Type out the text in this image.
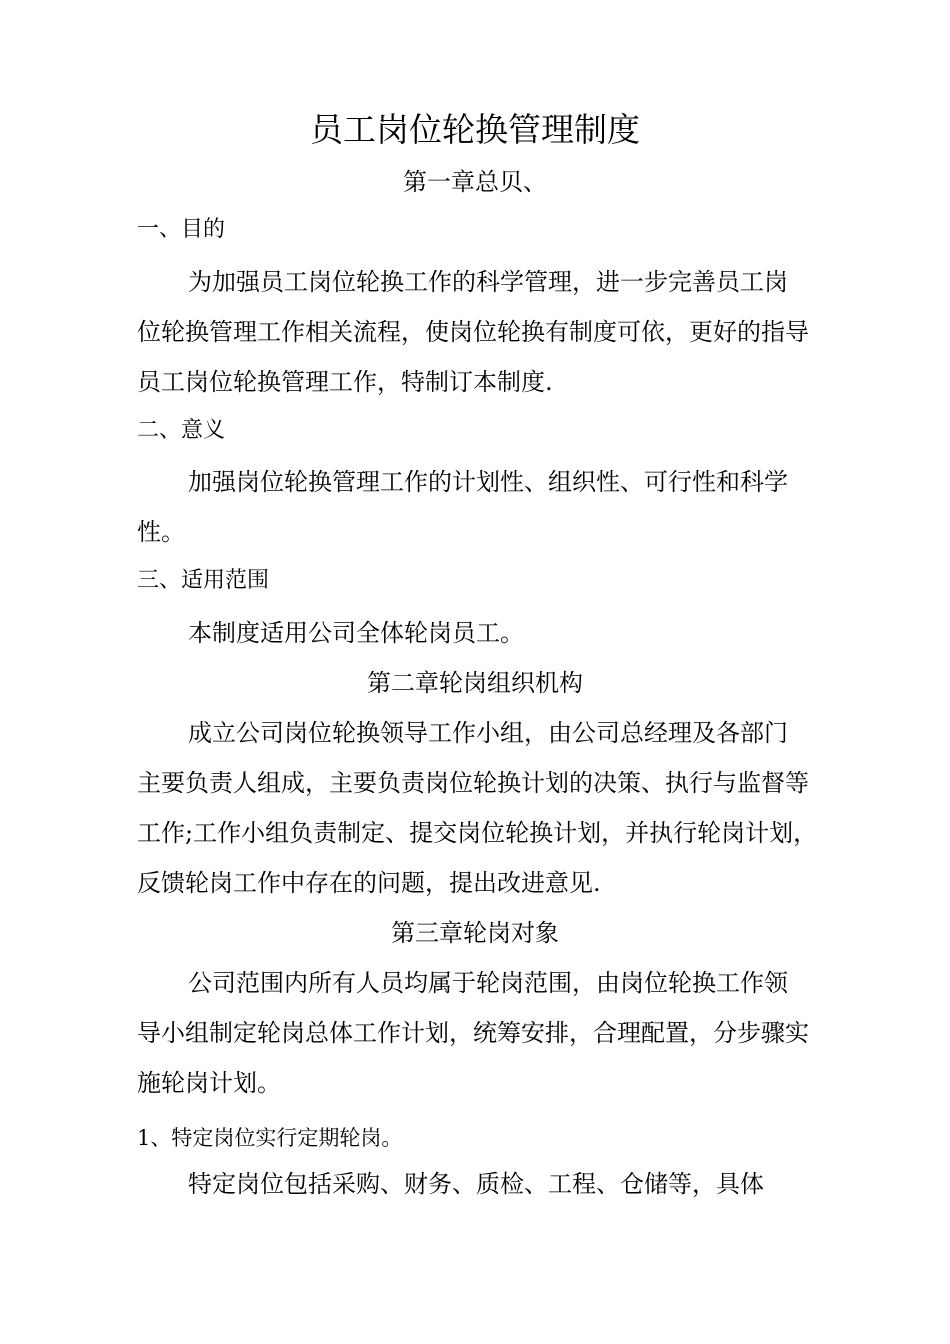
员工岗位轮换管理制度
第一章总贝、
一、目的
为加强员工岗位轮换工作的科学管理，进一步完善员工岗
位轮换管理工作相关流程，使岗位轮换有制度可依，更好的指导
员工岗位轮换管理工作，特制订本制度.
二、意义
加强岗位轮换管理工作的计划性、组织性、可行性和科学
性。
三、适用范围
本制度适用公司全体轮岗员工。
第二章轮岗组织机构
成立公司岗位轮换领导工作小组，由公司总经理及各部门
主要负责人组成，主要负责岗位轮换计划的决策、执行与监督等
工作;工作小组负责制定、提交岗位轮换计划，并执行轮岗计划，
反馈轮岗工作中存在的问题，提出改进意见.
第三章轮岗对象
公司范围内所有人员均属于轮岗范围，由岗位轮换工作领
导小组制定轮岗总体工作计划，统筹安排，合理配置，分步骤实
施轮岗计划。
1、特定岗位实行定期轮岗。
特定岗位包括采购、财务、质检、工程、仓储等，具体
